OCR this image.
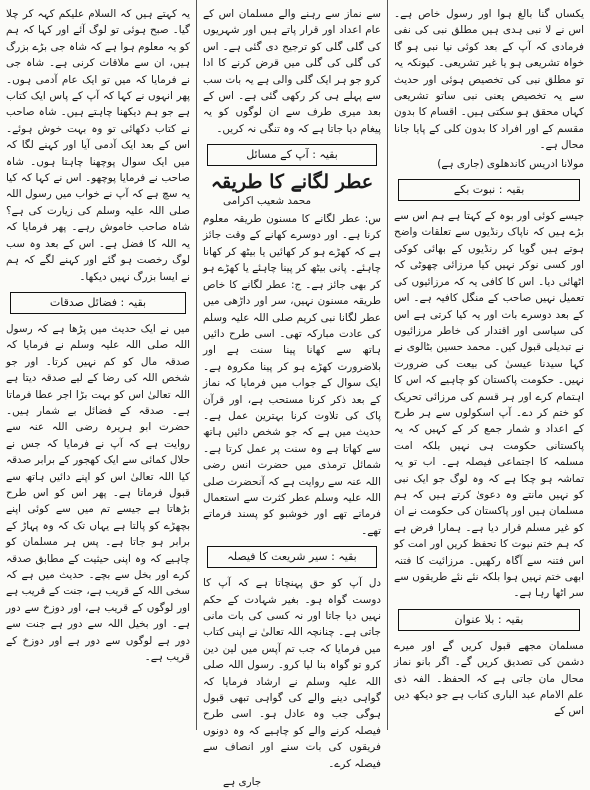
یکساں گنا بالغ ہوا اور رسول خاص ہے۔ اس نے لا نبی ہدی ہیں مطلق نبی کی نفی فرمادی کہ آپ کے بعد کوئی نیا نبی ہو گا خواہ تشریعی ہو یا غیر تشریعی۔ کیونکہ یہ تو مطلق نبی کی تخصیص ہوئی اور حدیث سے یہ تخصیص یعنی نبی ساتو تشریعی کہاں محقق ہو سکتی ہیں۔ اقسام کا بدون مقسم کے اور افراد کا بدون کلی کے پایا جانا محال ہے۔

مولانا ادریس کاندھلوی (جاری ہے)

بقیہ : نبوت بکے

جیسے کوئی اور بوہ کے کہتا ہے ہم اس سے بڑے ہیں کہ ناپاک رنڈیوں سے تعلقات واضح ہوتے ہیں گویا کر رنڈیوں کے بھائی کوکی اور کسی نوکر نہیں کیا مرزائی چھوٹی کہ اٹھائی دیا۔ اس کا کافی یہ کہ مرزائیوں کی تعمیل نہیں صاحب کے منگل کافیہ ہے۔ اس کے بعد دوسرے بات اور یہ کیا کرتی ہے اس کی سیاسی اور اقتدار کی خاطر مرزائیوں نے تبدیلی قبول کیں۔ محمد حسین بٹالوی نے کہا سیدنا عیسیٰ کی بیعت کی ضرورت نہیں۔ حکومت پاکستان کو چاہیے کہ اس کا اہتمام کرے اور ہر قسم کی مرزائی تحریک کو ختم کر دے۔ آپ اسکولوں سے ہر طرح کے اعداد و شمار جمع کر کے کہیں کہ یہ پاکستانی حکومت ہی نہیں بلکہ امت مسلمہ کا اجتماعی فیصلہ ہے۔ اب تو یہ تماشہ ہو چکا ہے کہ وہ لوگ جو ایک نبی کو نہیں مانتے وہ دعویٰ کرتے ہیں کہ ہم مسلمان ہیں اور پاکستان کی حکومت نے ان کو غیر مسلم قرار دیا ہے۔ ہمارا فرض ہے کہ ہم ختم نبوت کا تحفظ کریں اور امت کو اس فتنہ سے آگاہ رکھیں۔ مرزائیت کا فتنہ ابھی ختم نہیں ہوا بلکہ نئے نئے طریقوں سے سر اٹھا رہا ہے۔

بقیہ : بلا عنوان

مسلمان مجھے قبول کریں گے اور میرے دشمن کی تصدیق کریں گے۔ اگر بانو نماز محال مان جاتی ہے کہ الحفظ۔ الفہ ذی علم الامام عبد الباری کتاب ہے جو دیکھ دیں اس کے

سے نماز سے رہنے والے مسلمان اس کے عام اعداد اور قرار پاتے ہیں اور شہریوں کی گلی گلی کو ترجیح دی گئی ہے۔ اس کی گلی کی گلی میں قرض کرنے کا ادا کرو جو ہر ایک گلی والی ہے یہ بات سب سے پہلے ہی کر رکھی گئی ہے۔ اس کے بعد میری طرف سے ان لوگوں کو یہ پیغام دیا جاتا ہے کہ وہ تنگی نہ کریں۔

بقیہ : آپ کے مسائل
عطر لگانے کا طریقہ

محمد شعیب اکرامی

س: عطر لگانے کا مسنون طریقہ معلوم کرنا ہے۔ اور دوسرے کھانے کے وقت جائز ہے کہ کھڑے ہو کر کھائیں یا بیٹھ کر کھانا چاہئے۔ پانی بیٹھ کر پینا چاہئے یا کھڑے ہو کر بھی جائز ہے۔ ج: عطر لگانے کا خاص طریقہ مسنون نہیں، سر اور داڑھی میں عطر لگانا نبی کریم صلی اللہ علیہ وسلم کی عادت مبارکہ تھی۔ اسی طرح دائیں ہاتھ سے کھانا پینا سنت ہے اور بلاضرورت کھڑے ہو کر پینا مکروہ ہے۔ ایک سوال کے جواب میں فرمایا کہ نماز کے بعد ذکر کرنا مستحب ہے، اور قرآن پاک کی تلاوت کرنا بہترین عمل ہے۔ حدیث میں ہے کہ جو شخص دائیں ہاتھ سے کھاتا ہے وہ سنت پر عمل کرتا ہے۔ شمائل ترمذی میں حضرت انس رضی اللہ عنہ سے روایت ہے کہ آنحضرت صلی اللہ علیہ وسلم عطر کثرت سے استعمال فرماتے تھے اور خوشبو کو پسند فرماتے تھے۔

بقیہ : سیر شریعت کا فیصلہ

دل آپ کو حق پہنچاتا ہے کہ آپ کا دوست گواہ ہو۔ بغیر شہادت کے حکم نہیں دیا جاتا اور نہ کسی کی بات مانی جاتی ہے۔ چنانچہ اللہ تعالیٰ نے اپنی کتاب میں فرمایا کہ جب تم آپس میں لین دین کرو تو گواہ بنا لیا کرو۔ رسول اللہ صلی اللہ علیہ وسلم نے ارشاد فرمایا کہ گواہی دینے والے کی گواہی تبھی قبول ہوگی جب وہ عادل ہو۔ اسی طرح فیصلہ کرنے والے کو چاہیے کہ وہ دونوں فریقوں کی بات سنے اور انصاف سے فیصلہ کرے۔

جاری ہے

یہ کہتے ہیں کہ السلام علیکم کہہ کر چلا گیا۔ صبح ہوئی تو لوگ آئے اور کہا کہ ہم کو یہ معلوم ہوا ہے کہ شاہ جی بڑے بزرگ ہیں، ان سے ملاقات کرنی ہے۔ شاہ جی نے فرمایا کہ میں تو ایک عام آدمی ہوں۔ پھر انہوں نے کہا کہ آپ کے پاس ایک کتاب ہے جو ہم دیکھنا چاہتے ہیں۔ شاہ صاحب نے کتاب دکھائی تو وہ بہت خوش ہوئے۔ اس کے بعد ایک آدمی آیا اور کہنے لگا کہ میں ایک سوال پوچھنا چاہتا ہوں۔ شاہ صاحب نے فرمایا پوچھو۔ اس نے کہا کہ کیا یہ سچ ہے کہ آپ نے خواب میں رسول اللہ صلی اللہ علیہ وسلم کی زیارت کی ہے؟ شاہ صاحب خاموش رہے۔ پھر فرمایا کہ یہ اللہ کا فضل ہے۔ اس کے بعد وہ سب لوگ رخصت ہو گئے اور کہنے لگے کہ ہم نے ایسا بزرگ نہیں دیکھا۔

بقیہ : فضائل صدقات

میں نے ایک حدیث میں پڑھا ہے کہ رسول اللہ صلی اللہ علیہ وسلم نے فرمایا کہ صدقہ مال کو کم نہیں کرتا۔ اور جو شخص اللہ کی رضا کے لیے صدقہ دیتا ہے اللہ تعالیٰ اس کو بہت بڑا اجر عطا فرماتا ہے۔ صدقہ کے فضائل بے شمار ہیں۔ حضرت ابو ہریرہ رضی اللہ عنہ سے روایت ہے کہ آپ نے فرمایا کہ جس نے حلال کمائی سے ایک کھجور کے برابر صدقہ کیا اللہ تعالیٰ اس کو اپنے دائیں ہاتھ سے قبول فرماتا ہے۔ پھر اس کو اس طرح بڑھاتا ہے جیسے تم میں سے کوئی اپنے بچھڑے کو پالتا ہے یہاں تک کہ وہ پہاڑ کے برابر ہو جاتا ہے۔ پس ہر مسلمان کو چاہیے کہ وہ اپنی حیثیت کے مطابق صدقہ کرے اور بخل سے بچے۔ حدیث میں ہے کہ سخی اللہ کے قریب ہے، جنت کے قریب ہے اور لوگوں کے قریب ہے، اور دوزخ سے دور ہے۔ اور بخیل اللہ سے دور ہے جنت سے دور ہے لوگوں سے دور ہے اور دوزخ کے قریب ہے۔
